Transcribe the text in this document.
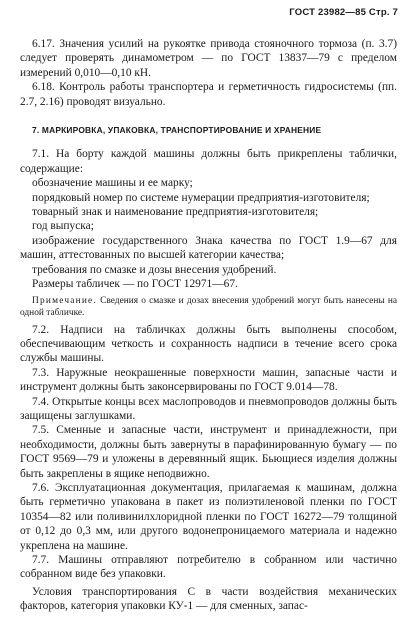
ГОСТ 23982—85 Стр. 7

6.17. Значения усилий на рукоятке привода стояночного тормоза (п. 3.7) следует проверять динамометром — по ГОСТ 13837—79 с пределом измерений 0,010—0,10 кН.

6.18. Контроль работы транспортера и герметичность гидросистемы (пп. 2.7, 2.16) проводят визуально.

7. МАРКИРОВКА, УПАКОВКА, ТРАНСПОРТИРОВАНИЕ И ХРАНЕНИЕ

7.1. На борту каждой машины должны быть прикреплены таблички, содержащие:

обозначение машины и ее марку;

порядковый номер по системе нумерации предприятия-изготовителя;

товарный знак и наименование предприятия-изготовителя;

год выпуска;

изображение государственного Знака качества по ГОСТ 1.9—67 для машин, аттестованных по высшей категории качества;

требования по смазке и дозы внесения удобрений.

Размеры табличек — по ГОСТ 12971—67.

Примечание. Сведения о смазке и дозах внесения удобрений могут быть нанесены на одной табличке.

7.2. Надписи на табличках должны быть выполнены способом, обеспечивающим четкость и сохранность надписи в течение всего срока службы машины.

7.3. Наружные неокрашенные поверхности машин, запасные части и инструмент должны быть законсервированы по ГОСТ 9.014—78.

7.4. Открытые концы всех маслопроводов и пневмопроводов должны быть защищены заглушками.

7.5. Сменные и запасные части, инструмент и принадлежности, при необходимости, должны быть завернуты в парафинированную бумагу — по ГОСТ 9569—79 и уложены в деревянный ящик. Бьющиеся изделия должны быть закреплены в ящике неподвижно.

7.6. Эксплуатационная документация, прилагаемая к машинам, должна быть герметично упакована в пакет из полиэтиленовой пленки по ГОСТ 10354—82 или поливинилхлоридной пленки по ГОСТ 16272—79 толщиной от 0,12 до 0,3 мм, или другого водонепроницаемого материала и надежно укреплена на машине.

7.7. Машины отправляют потребителю в собранном или частично собранном виде без упаковки.

Условия транспортирования С в части воздействия механических факторов, категория упаковки КУ-1 — для сменных, запас-
